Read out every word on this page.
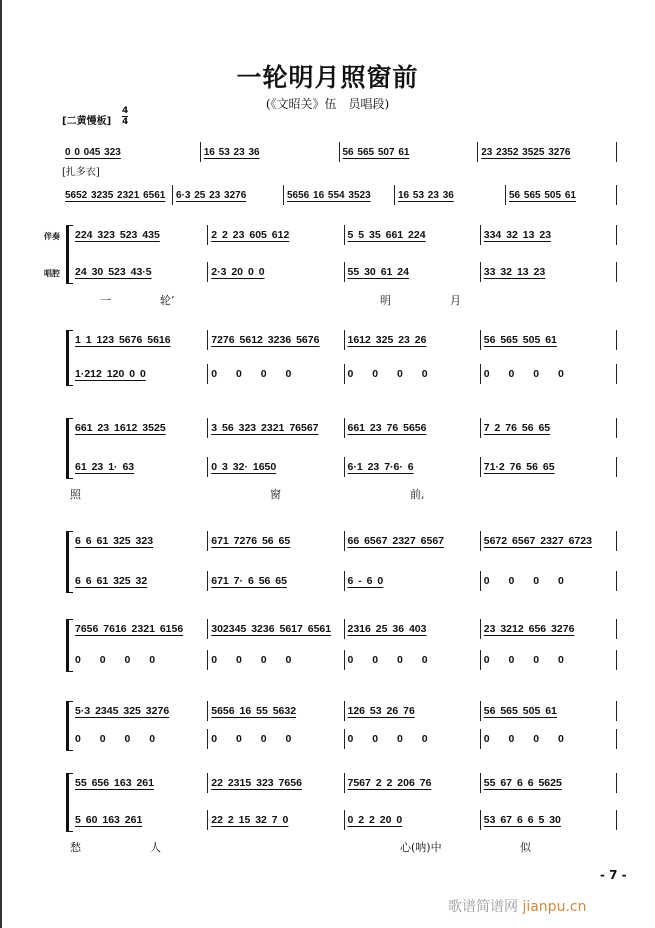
一轮明月照窗前
(《文昭关》伍　员唱段)
[二黄慢板]
4
4
[扎多衣]
0 0 045 323	16 53 23 36	56 565 507 61	23 2352 3525 3276
5652 3235 2321 6561	6·3 25 23 3276	5656 16 554 3523	16 53 23 36	56 565 505 61
224 323 523 435	2 2 23 605 612	5 5 35 661 224	334 32 13 23
24 30 523 43·5	2·3 20 0 0	55 30 61 24	33 32 13 23
伴奏
唱腔
一	轮’	明	月
1 1 123 5676 5616	7276 5612 3236 5676	1612 325 23 26	56 565 505 61
1·212 120 0 0	0 0 0 0	0 0 0 0	0 0 0 0
661 23 1612 3525	3 56 323 2321 76567	661 23 76 5656	7 2 76 56 65
61 23 1· 63	0 3 32· 1650	6·1 23 7·6· 6	71·2 76 56 65
照	窗	前,
6 6 61 325 323	671 7276 56 65	66 6567 2327 6567	5672 6567 2327 6723
6 6 61 325 32	671 7· 6 56 65	6 - 6 0	0 0 0 0
7656 7616 2321 6156	302345 3236 5617 6561	2316 25 36 403	23 3212 656 3276
0 0 0 0	0 0 0 0	0 0 0 0	0 0 0 0
5·3 2345 325 3276	5656 16 55 5632	126 53 26 76	56 565 505 61
0 0 0 0	0 0 0 0	0 0 0 0	0 0 0 0
55 656 163 261	22 2315 323 7656	7567 2 2 206 76	55 67 6 6 5625
5 60 163 261	22 2 15 32 7 0	0 2 2 20 0	53 67 6 6 5 30
愁	人	心(呐)中	似
- 7 -
歌谱简谱网 jianpu.cn
